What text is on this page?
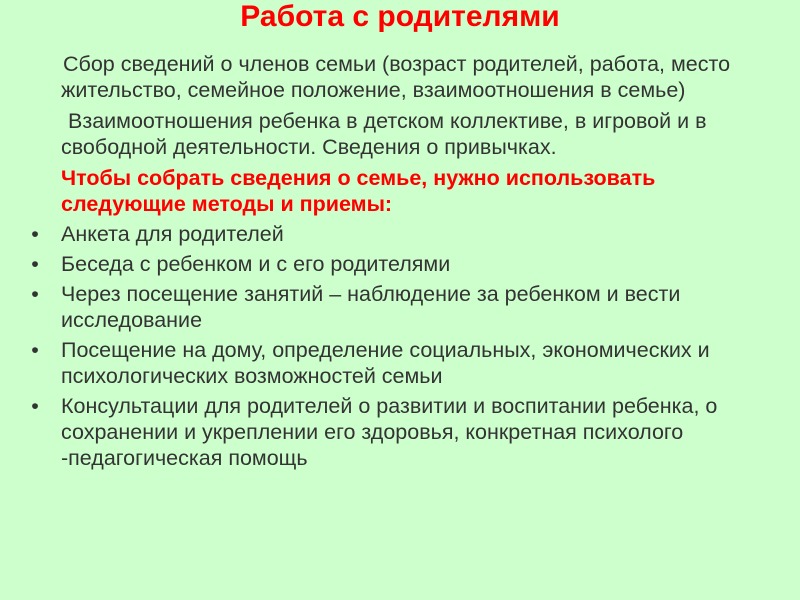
Работа с родителями

Сбор сведений о членов семьи (возраст родителей, работа, место жительство, семейное положение, взаимоотношения в семье)

Взаимоотношения ребенка в детском коллективе, в игровой и в свободной деятельности. Сведения о привычках.

Чтобы собрать сведения о семье, нужно использовать следующие методы и приемы:

• Анкета для родителей
• Беседа с ребенком и с его родителями
• Через посещение занятий – наблюдение за ребенком и вести исследование
• Посещение на дому, определение социальных, экономических и психологических возможностей семьи
• Консультации для родителей о развитии и воспитании ребенка, о сохранении и укреплении его здоровья, конкретная психолого -педагогическая помощь
